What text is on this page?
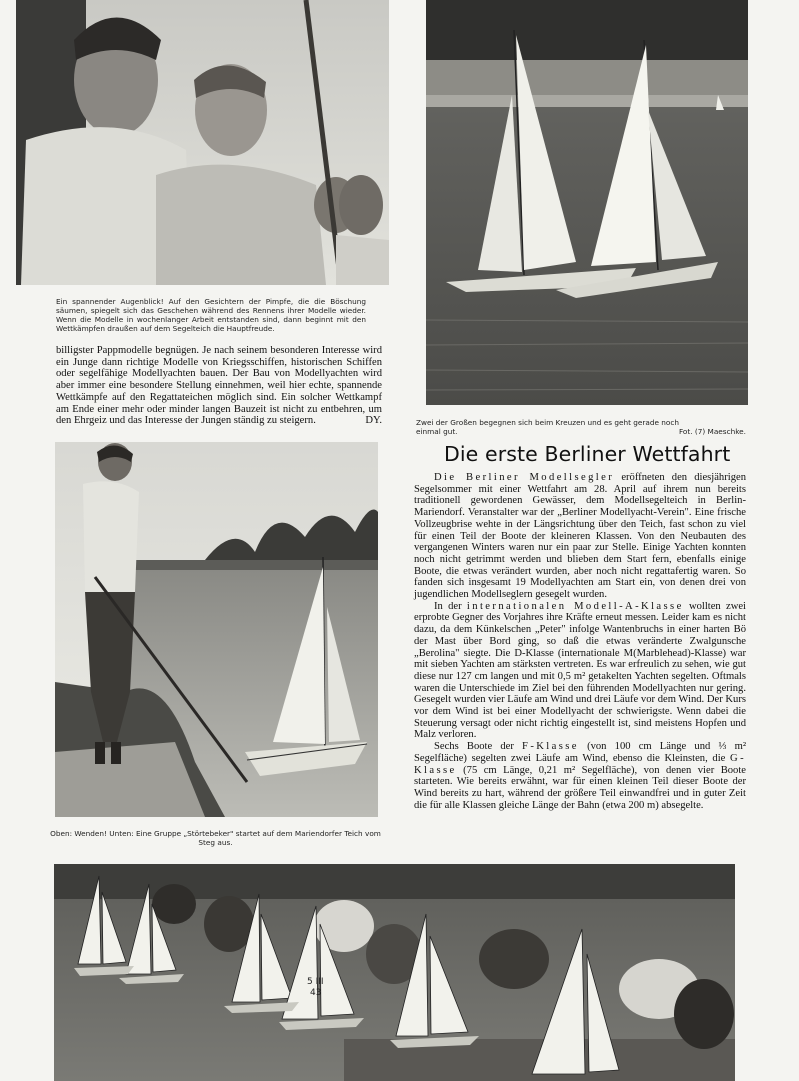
Ein spannender Augenblick! Auf den Gesichtern der Pimpfe, die die Böschung säumen, spiegelt sich das Geschehen während des Rennens ihrer Modelle wieder. Wenn die Modelle in wochenlanger Arbeit entstanden sind, dann beginnt mit den Wettkämpfen draußen auf dem Segelteich die Hauptfreude.

billigster Pappmodelle begnügen. Je nach seinem besonderen Interesse wird ein Junge dann richtige Modelle von Kriegsschiffen, historischen Schiffen oder segelfähige Modellyachten bauen. Der Bau von Modellyachten wird aber immer eine besondere Stellung einnehmen, weil hier echte, spannende Wettkämpfe auf den Regattateichen möglich sind. Ein solcher Wettkampf am Ende einer mehr oder minder langen Bauzeit ist nicht zu entbehren, um den Ehrgeiz und das Interesse der Jungen ständig zu steigern.	DY.	Zwei der Großen begegnen sich beim Kreuzen und es geht gerade noch

einmal gut.	Fot. (7) Maeschke.
Die erste Berliner Wettfahrt

Die Berliner Modellsegler eröffneten den diesjährigen Segelsommer mit einer Wettfahrt am 28. April auf ihrem nun bereits traditionell gewordenen Gewässer, dem Modellsegelteich in Berlin-Mariendorf. Veranstalter war der „Berliner Modellyacht-Verein". Eine frische Vollzeugbrise wehte in der Längsrichtung über den Teich, fast schon zu viel für einen Teil der Boote der kleineren Klassen. Von den Neubauten des vergangenen Winters waren nur ein paar zur Stelle. Einige Yachten konnten noch nicht getrimmt werden und blieben dem Start fern, ebenfalls einige Boote, die etwas verändert wurden, aber noch nicht regattafertig waren. So fanden sich insgesamt 19 Modellyachten am Start ein, von denen drei von jugendlichen Modellseglern gesegelt wurden.

In der internationalen Modell-A-Klasse wollten zwei erprobte Gegner des Vorjahres ihre Kräfte erneut messen. Leider kam es nicht dazu, da dem Künkelschen „Peter" infolge Wantenbruchs in einer harten Bö der Mast über Bord ging, so daß die etwas veränderte Zwalgunsche „Berolina" siegte. Die D-Klasse (internationale M(Marblehead)-Klasse) war mit sieben Yachten am stärksten vertreten. Es war erfreulich zu sehen, wie gut diese nur 127 cm langen und mit 0,5 m² getakelten Yachten segelten. Oftmals waren die Unterschiede im Ziel bei den führenden Modellyachten nur gering. Gesegelt wurden vier Läufe am Wind und drei Läufe vor dem Wind. Der Kurs vor dem Wind ist bei einer Modellyacht der schwierigste. Wenn dabei die Steuerung versagt oder nicht richtig eingestellt ist, sind meistens Hopfen und Malz verloren.

Sechs Boote der F-Klasse (von 100 cm Länge und ⅓ m² Segelfläche) segelten zwei Läufe am Wind, ebenso die Kleinsten, die G-Klasse (75 cm Länge, 0,21 m² Segelfläche), von denen vier Boote starteten. Wie bereits erwähnt, war für einen kleinen Teil dieser Boote der Wind bereits zu hart, während der größere Teil einwandfrei und in guter Zeit die für alle Klassen gleiche Länge der Bahn (etwa 200 m) absegelte.

Oben: Wenden! Unten: Eine Gruppe „Störtebeker" startet auf dem Mariendorfer Teich vom Steg aus.

5 III
43
